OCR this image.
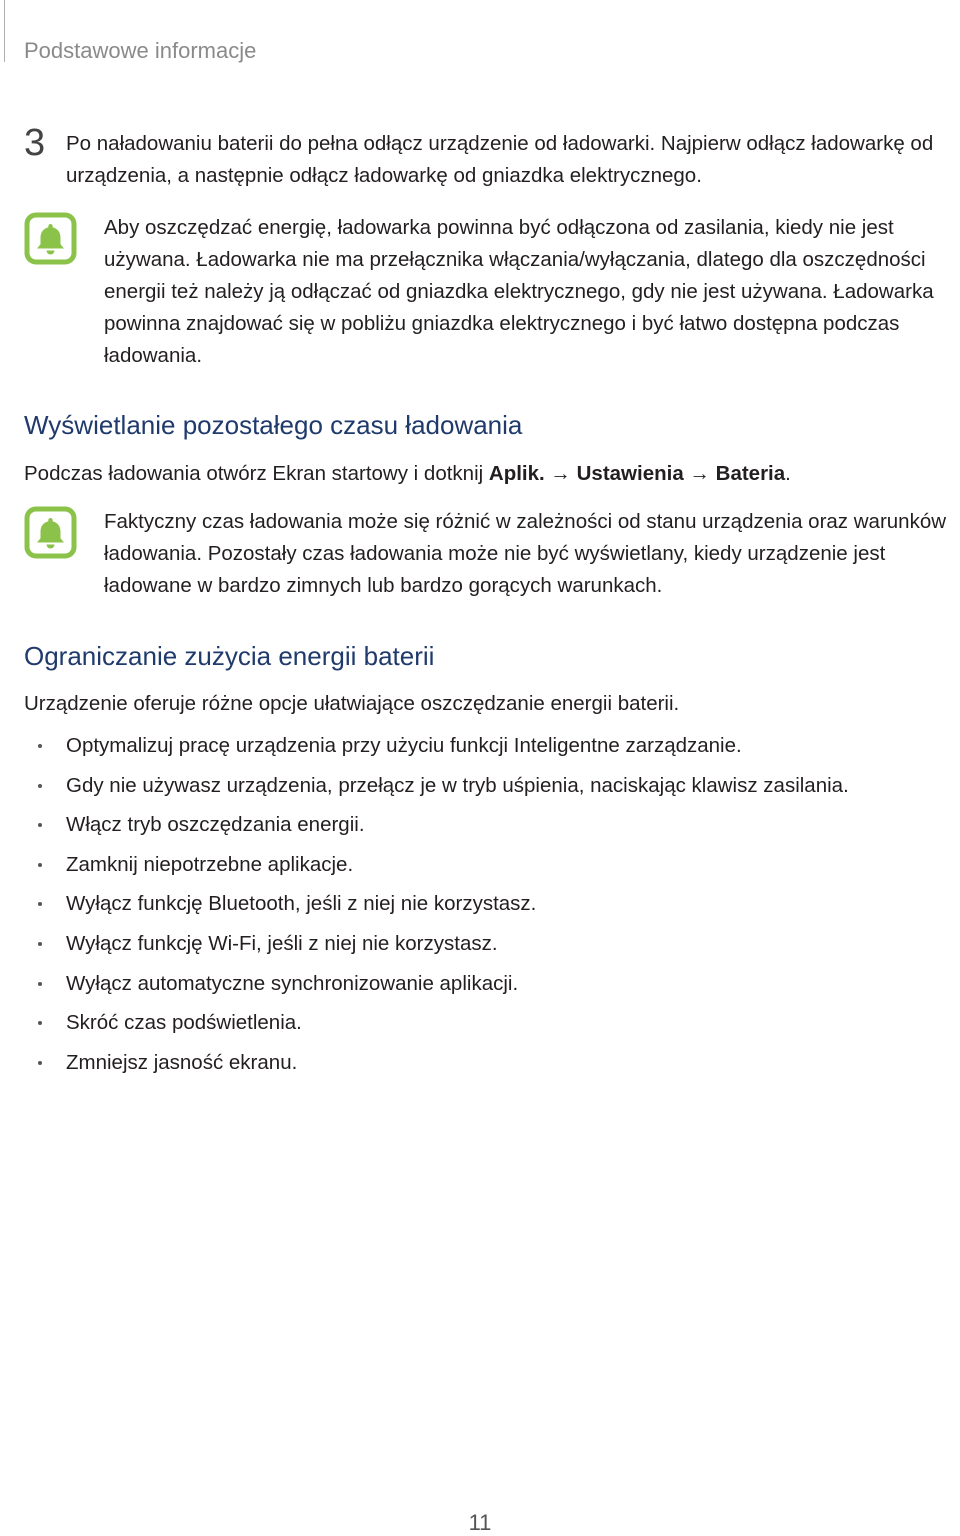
Podstawowe informacje
3 Po naładowaniu baterii do pełna odłącz urządzenie od ładowarki. Najpierw odłącz ładowarkę od urządzenia, a następnie odłącz ładowarkę od gniazdka elektrycznego.
Aby oszczędzać energię, ładowarka powinna być odłączona od zasilania, kiedy nie jest używana. Ładowarka nie ma przełącznika włączania/wyłączania, dlatego dla oszczędności energii też należy ją odłączać od gniazdka elektrycznego, gdy nie jest używana. Ładowarka powinna znajdować się w pobliżu gniazdka elektrycznego i być łatwo dostępna podczas ładowania.
Wyświetlanie pozostałego czasu ładowania
Podczas ładowania otwórz Ekran startowy i dotknij Aplik. → Ustawienia → Bateria.
Faktyczny czas ładowania może się różnić w zależności od stanu urządzenia oraz warunków ładowania. Pozostały czas ładowania może nie być wyświetlany, kiedy urządzenie jest ładowane w bardzo zimnych lub bardzo gorących warunkach.
Ograniczanie zużycia energii baterii
Urządzenie oferuje różne opcje ułatwiające oszczędzanie energii baterii.
Optymalizuj pracę urządzenia przy użyciu funkcji Inteligentne zarządzanie.
Gdy nie używasz urządzenia, przełącz je w tryb uśpienia, naciskając klawisz zasilania.
Włącz tryb oszczędzania energii.
Zamknij niepotrzebne aplikacje.
Wyłącz funkcję Bluetooth, jeśli z niej nie korzystasz.
Wyłącz funkcję Wi-Fi, jeśli z niej nie korzystasz.
Wyłącz automatyczne synchronizowanie aplikacji.
Skróć czas podświetlenia.
Zmniejsz jasność ekranu.
11
